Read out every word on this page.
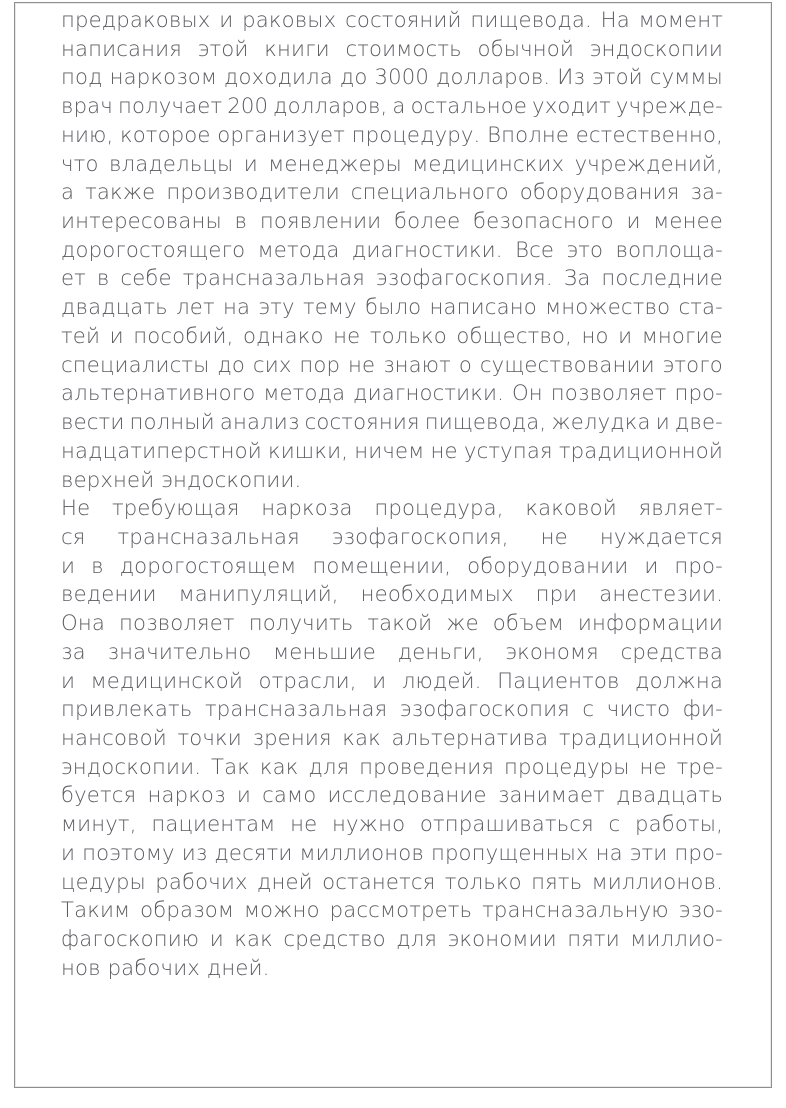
предраковых и раковых состояний пищевода. На момент
написания этой книги стоимость обычной эндоскопии
под наркозом доходила до 3000 долларов. Из этой суммы
врач получает 200 долларов, а остальное уходит учрежде-
нию, которое организует процедуру. Вполне естественно,
что владельцы и менеджеры медицинских учреждений,
а также производители специального оборудования за-
интересованы в появлении более безопасного и менее
дорогостоящего метода диагностики. Все это воплоща-
ет в себе трансназальная эзофагоскопия. За последние
двадцать лет на эту тему было написано множество ста-
тей и пособий, однако не только общество, но и многие
специалисты до сих пор не знают о существовании этого
альтернативного метода диагностики. Он позволяет про-
вести полный анализ состояния пищевода, желудка и две-
надцатиперстной кишки, ничем не уступая традиционной
верхней эндоскопии.

Не требующая наркоза процедура, каковой являет-
ся трансназальная эзофагоскопия, не нуждается
и в дорогостоящем помещении, оборудовании и про-
ведении манипуляций, необходимых при анестезии.
Она позволяет получить такой же объем информации
за значительно меньшие деньги, экономя средства
и медицинской отрасли, и людей. Пациентов должна
привлекать трансназальная эзофагоскопия с чисто фи-
нансовой точки зрения как альтернатива традиционной
эндоскопии. Так как для проведения процедуры не тре-
буется наркоз и само исследование занимает двадцать
минут, пациентам не нужно отпрашиваться с работы,
и поэтому из десяти миллионов пропущенных на эти про-
цедуры рабочих дней останется только пять миллионов.
Таким образом можно рассмотреть трансназальную эзо-
фагоскопию и как средство для экономии пяти миллио-
нов рабочих дней.
